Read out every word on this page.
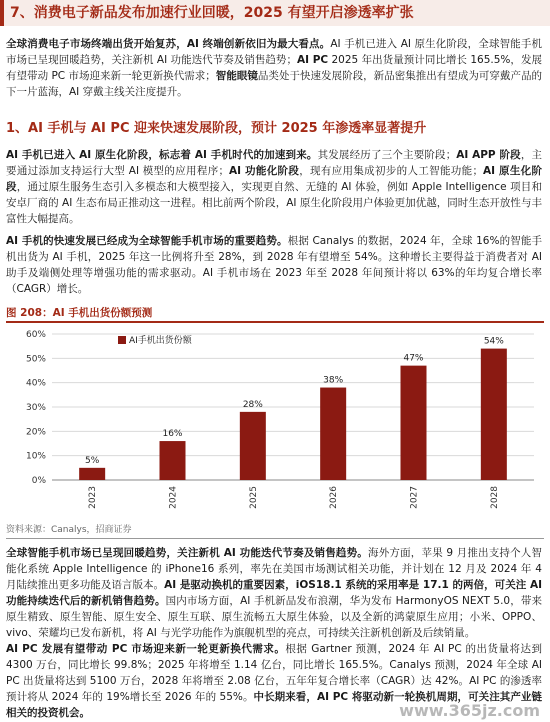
7、消费电子新品发布加速行业回暖，2025 有望开启渗透率扩张

全球消费电子市场终端出货开始复苏，AI 终端创新依旧为最大看点。AI 手机已进入 AI 原生化阶段，全球智能手机市场已呈现回暖趋势，关注新机 AI 功能迭代节奏及销售趋势；AI PC 2025 年出货量预计同比增长 165.5%，发展有望带动 PC 市场迎来新一轮更新换代需求；智能眼镜品类处于快速发展阶段，新品密集推出有望成为可穿戴产品的下一片蓝海，AI 穿戴主线关注度提升。

1、AI 手机与 AI PC 迎来快速发展阶段，预计 2025 年渗透率显著提升

AI 手机已进入 AI 原生化阶段，标志着 AI 手机时代的加速到来。其发展经历了三个主要阶段；AI APP 阶段，主要通过添加支持运行大型 AI 模型的应用程序；AI 功能化阶段，现有应用集成初步的人工智能功能；AI 原生化阶段，通过原生服务生态引入多模态和大模型接入，实现更自然、无缝的 AI 体验，例如 Apple Intelligence 项目和安卓厂商的 AI 生态布局正推动这一进程。相比前两个阶段，AI 原生化阶段用户体验更加优越，同时生态开放性与丰富性大幅提高。

AI 手机的快速发展已经成为全球智能手机市场的重要趋势。根据 Canalys 的数据，2024 年，全球 16%的智能手机出货为 AI 手机，2025 年这一比例将升至 28%，到 2028 年有望增至 54%。这种增长主要得益于消费者对 AI 助手及端侧处理等增强功能的需求驱动。AI 手机市场在 2023 年至 2028 年间预计将以 63%的年均复合增长率（CAGR）增长。

图 208：AI 手机出货份额预测
0%
10%
20%
30%
40%
50%
60%
5%
16%
28%
38%
47%
54%
2023	2024	2025	2026	2027	2028
AI手机出货份额
资料来源：Canalys，招商证券

全球智能手机市场已呈现回暖趋势，关注新机 AI 功能迭代节奏及销售趋势。海外方面，苹果 9 月推出支持个人智能化系统 Apple Intelligence 的 iPhone16 系列，率先在美国市场测试相关功能，并计划在 12 月及 2024 年 4 月陆续推出更多功能及语言版本。AI 是驱动换机的重要因素，iOS18.1 系统的采用率是 17.1 的两倍，可关注 AI 功能持续迭代后的新机销售趋势。国内市场方面，AI 手机新品发布浪潮，华为发布 HarmonyOS NEXT 5.0，带来原生精致、原生智能、原生安全、原生互联、原生流畅五大原生体验，以及全新的鸿蒙原生应用；小米、OPPO、vivo、荣耀均已发布新机，将 AI 与光学功能作为旗舰机型的亮点，可持续关注新机创新及后续销量。

AI PC 发展有望带动 PC 市场迎来新一轮更新换代需求。根据 Gartner 预测，2024 年 AI PC 的出货量将达到 4300 万台，同比增长 99.8%；2025 年将增至 1.14 亿台，同比增长 165.5%。Canalys 预测，2024 年全球 AI PC 出货量将达到 5100 万台，2028 年将增至 2.08 亿台，五年年复合增长率（CAGR）达 42%。AI PC 的渗透率预计将从 2024 年的 19%增长至 2026 年的 55%。中长期来看，AI PC 将驱动新一轮换机周期，可关注其产业链相关的投资机会。	www.365jz.com
